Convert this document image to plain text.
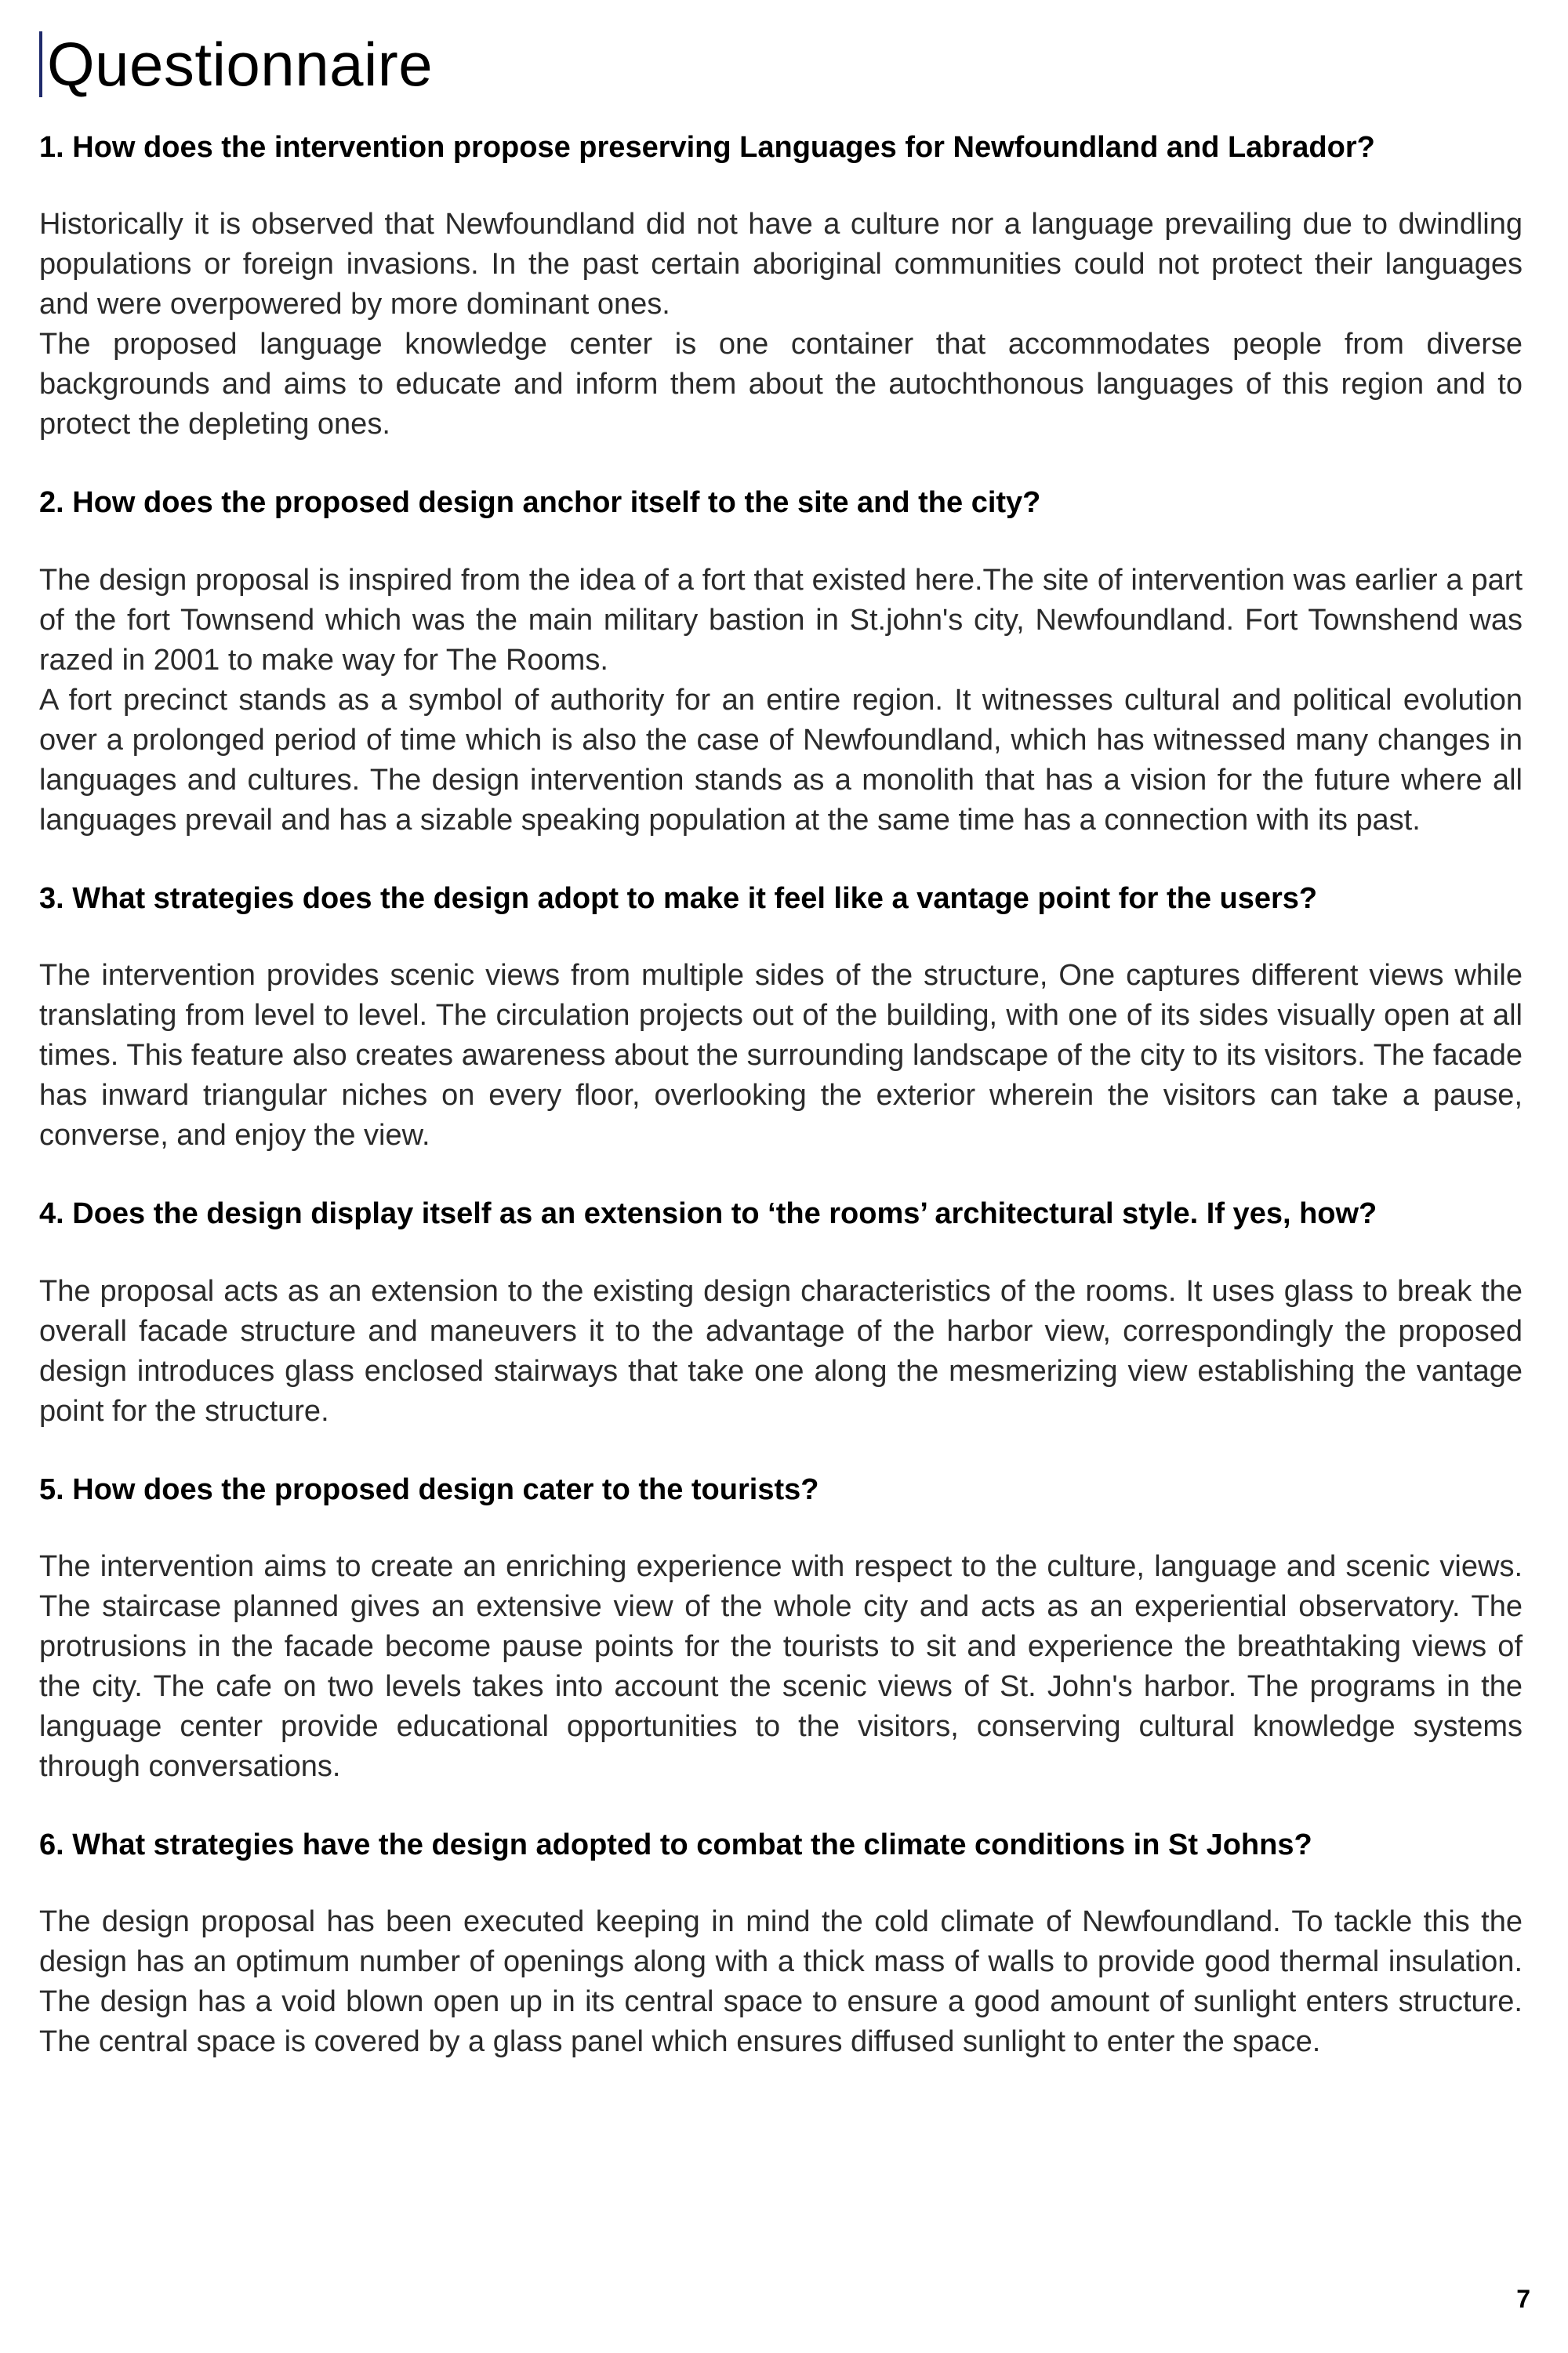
Questionnaire

1. How does the intervention propose preserving Languages for Newfoundland and Labrador?

Historically it is observed that Newfoundland did not have a culture nor a language prevailing due to dwindling populations or foreign invasions. In the past certain aboriginal communities could not protect their languages and were overpowered by more dominant ones.

The proposed language knowledge center is one container that accommodates people from diverse backgrounds and aims to educate and inform them about the autochthonous languages of this region and to protect the depleting ones.

2. How does the proposed design anchor itself to the site and the city?

The design proposal is inspired from the idea of a fort that existed here.The site of intervention was earlier a part of the fort Townsend which was the main military bastion in St.john's city, Newfoundland. Fort Townshend was razed in 2001 to make way for The Rooms.

A fort precinct stands as a symbol of authority for an entire region. It witnesses cultural and political evolution over a prolonged period of time which is also the case of Newfoundland, which has witnessed many changes in languages and cultures. The design intervention stands as a monolith that has a vision for the future where all languages prevail and has a sizable speaking population at the same time has a connection with its past.

3. What strategies does the design adopt to make it feel like a vantage point for the users?

The intervention provides scenic views from multiple sides of the structure, One captures different views while translating from level to level. The circulation projects out of the building, with one of its sides visually open at all times. This feature also creates awareness about the surrounding landscape of the city to its visitors. The facade has inward triangular niches on every floor, overlooking the exterior wherein the visitors can take a pause, converse, and enjoy the view.

4. Does the design display itself as an extension to ‘the rooms’ architectural style. If yes, how?

The proposal acts as an extension to the existing design characteristics of the rooms. It uses glass to break the overall facade structure and maneuvers it to the advantage of the harbor view, correspondingly the proposed design introduces glass enclosed stairways that take one along the mesmerizing view establishing the vantage point for the structure.

5. How does the proposed design cater to the tourists?

The intervention aims to create an enriching experience with respect to the culture, language and scenic views. The staircase planned gives an extensive view of the whole city and acts as an experiential observatory. The protrusions in the facade become pause points for the tourists to sit and experience the breathtaking views of the city. The cafe on two levels takes into account the scenic views of St. John's harbor. The programs in the language center provide educational opportunities to the visitors, conserving cultural knowledge systems through conversations.

6. What strategies have the design adopted to combat the climate conditions in St Johns?

The design proposal has been executed keeping in mind the cold climate of Newfoundland. To tackle this the design has an optimum number of openings along with a thick mass of walls to provide good thermal insulation. The design has a void blown open up in its central space to ensure a good amount of sunlight enters structure. The central space is covered by a glass panel which ensures diffused sunlight to enter the space.

7
